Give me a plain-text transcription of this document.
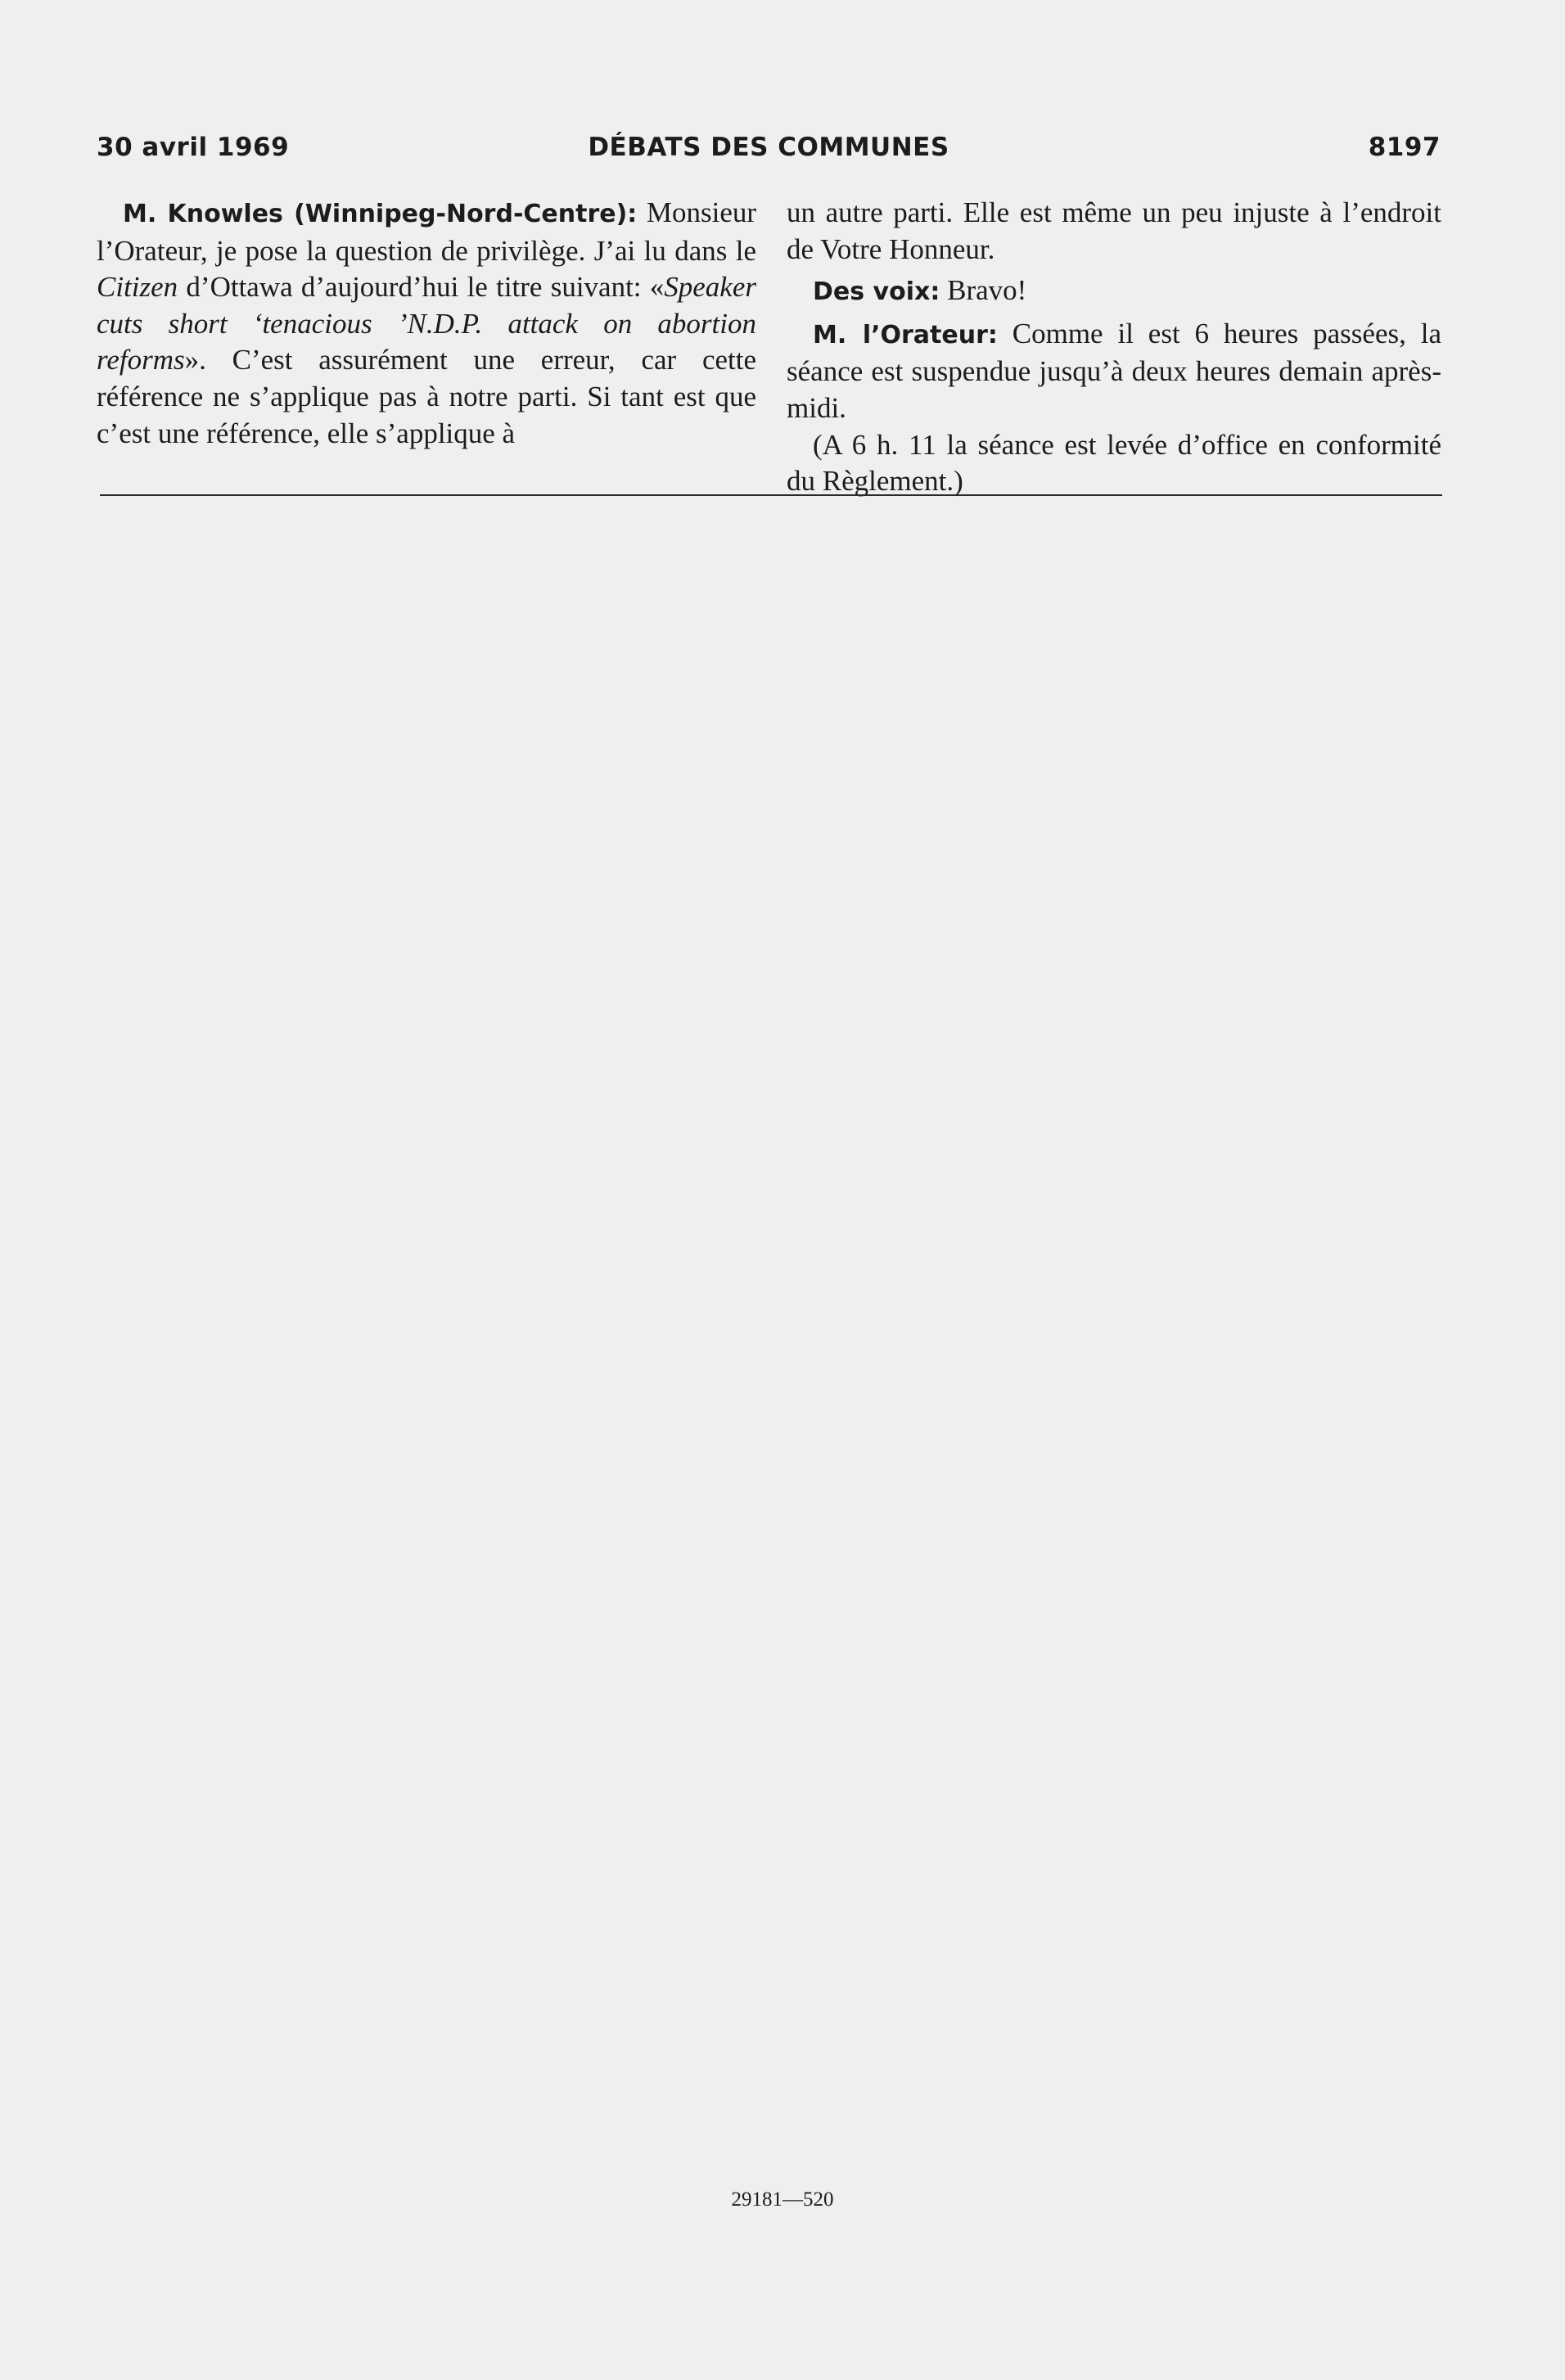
30 avril 1969	DÉBATS DES COMMUNES	8197

M. Knowles (Winnipeg-Nord-Centre): Monsieur l’Orateur, je pose la question de privilège. J’ai lu dans le Citizen d’Ottawa d’aujourd’hui le titre suivant: «Speaker cuts short ‘tenacious ’N.D.P. attack on abortion reforms». C’est assurément une erreur, car cette référence ne s’applique pas à notre parti. Si tant est que c’est une référence, elle s’applique à

un autre parti. Elle est même un peu injuste à l’endroit de Votre Honneur.

Des voix: Bravo!

M. l’Orateur: Comme il est 6 heures passées, la séance est suspendue jusqu’à deux heures demain après-midi.

(A 6 h. 11 la séance est levée d’office en conformité du Règlement.)

29181—520
